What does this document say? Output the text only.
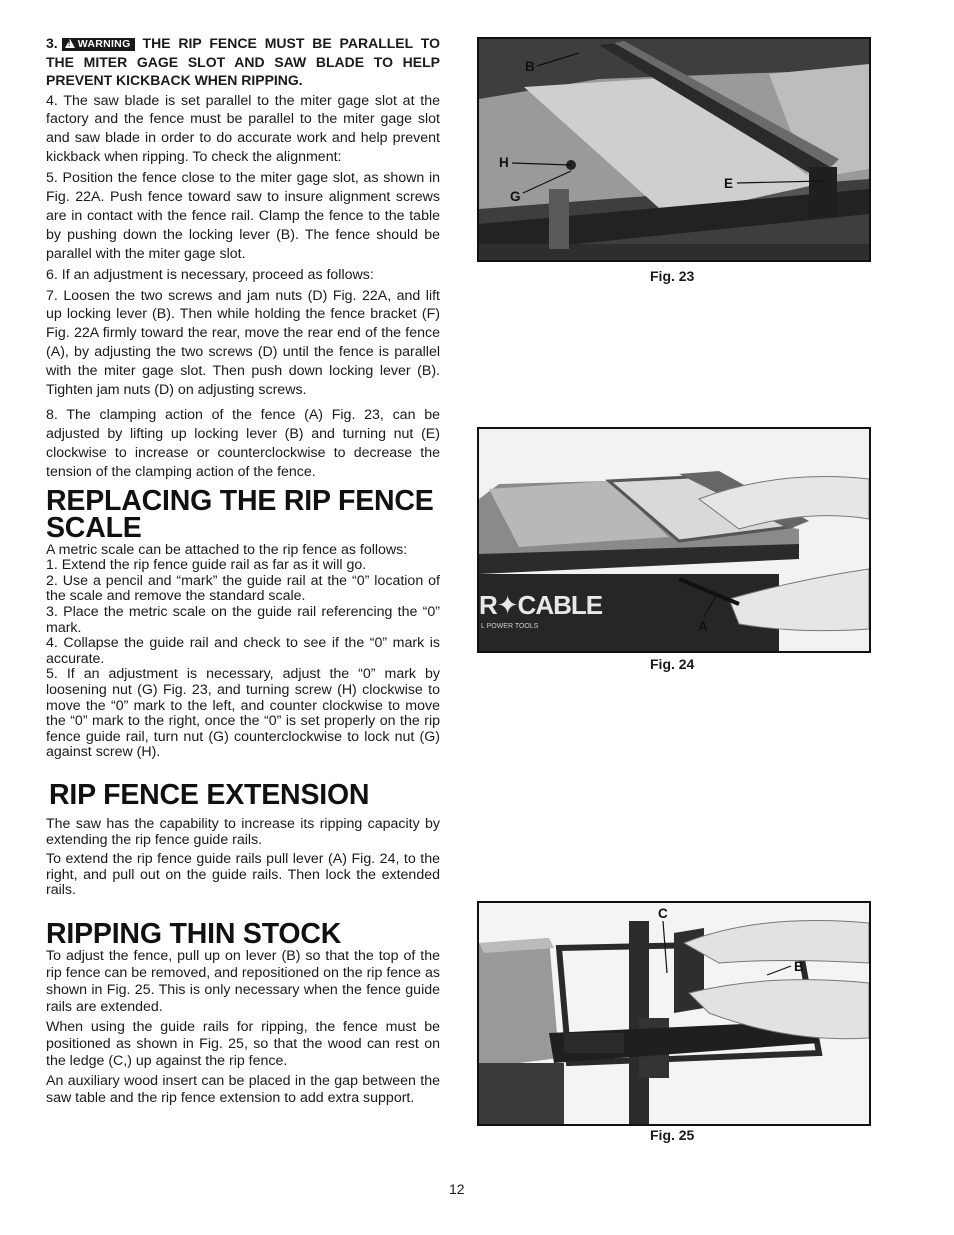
3.! WARNING THE RIP FENCE MUST BE PARALLEL TO THE MITER GAGE SLOT AND SAW BLADE TO HELP PREVENT KICKBACK WHEN RIPPING.

4. The saw blade is set parallel to the miter gage slot at the factory and the fence must be parallel to the miter gage slot and saw blade in order to do accurate work and help prevent kickback when ripping. To check the alignment:

5. Position the fence close to the miter gage slot, as shown in Fig. 22A. Push fence toward saw to insure alignment screws are in contact with the fence rail. Clamp the fence to the table by pushing down the locking lever (B). The fence should be parallel with the miter gage slot.

6. If an adjustment is necessary, proceed as follows:

7. Loosen the two screws and jam nuts (D) Fig. 22A, and lift up locking lever (B). Then while holding the fence bracket (F) Fig. 22A firmly toward the rear, move the rear end of the fence (A), by adjusting the two screws (D) until the fence is parallel with the miter gage slot. Then push down locking lever (B). Tighten jam nuts (D) on adjusting screws.

8. The clamping action of the fence (A) Fig. 23, can be adjusted by lifting up locking lever (B) and turning nut (E) clockwise to increase or counterclockwise to decrease the tension of the clamping action of the fence.

REPLACING THE RIP FENCE SCALE

A metric scale can be attached to the rip fence as follows:

1. Extend the rip fence guide rail as far as it will go.

2. Use a pencil and “mark” the guide rail at the “0” location of the scale and remove the standard scale.

3. Place the metric scale on the guide rail referencing the “0” mark.

4. Collapse the guide rail and check to see if the “0” mark is accurate.

5. If an adjustment is necessary, adjust the “0” mark by loosening nut (G) Fig. 23, and turning screw (H) clockwise to move the “0” mark to the left, and counter clockwise to move the “0” mark to the right, once the “0” is set properly on the rip fence guide rail, turn nut (G) counterclockwise to lock nut (G) against screw (H).

RIP FENCE EXTENSION

The saw has the capability to increase its ripping capacity by extending the rip fence guide rails.

To extend the rip fence guide rails pull lever (A) Fig. 24, to the right, and pull out on the guide rails. Then lock the extended rails.

RIPPING THIN STOCK

To adjust the fence, pull up on lever (B) so that the top of the rip fence can be removed, and repositioned on the rip fence as shown in Fig. 25. This is only necessary when the fence guide rails are extended.

When using the guide rails for ripping, the fence must be positioned as shown in Fig. 25, so that the wood can rest on the ledge (C,) up against the rip fence.

An auxiliary wood insert can be placed in the gap between the saw table and the rip fence extension to add extra support.

B
H
G
E
Fig. 23
R✦CABLE
L POWER TOOLS	A
Fig. 24
C
B
Fig. 25
12
